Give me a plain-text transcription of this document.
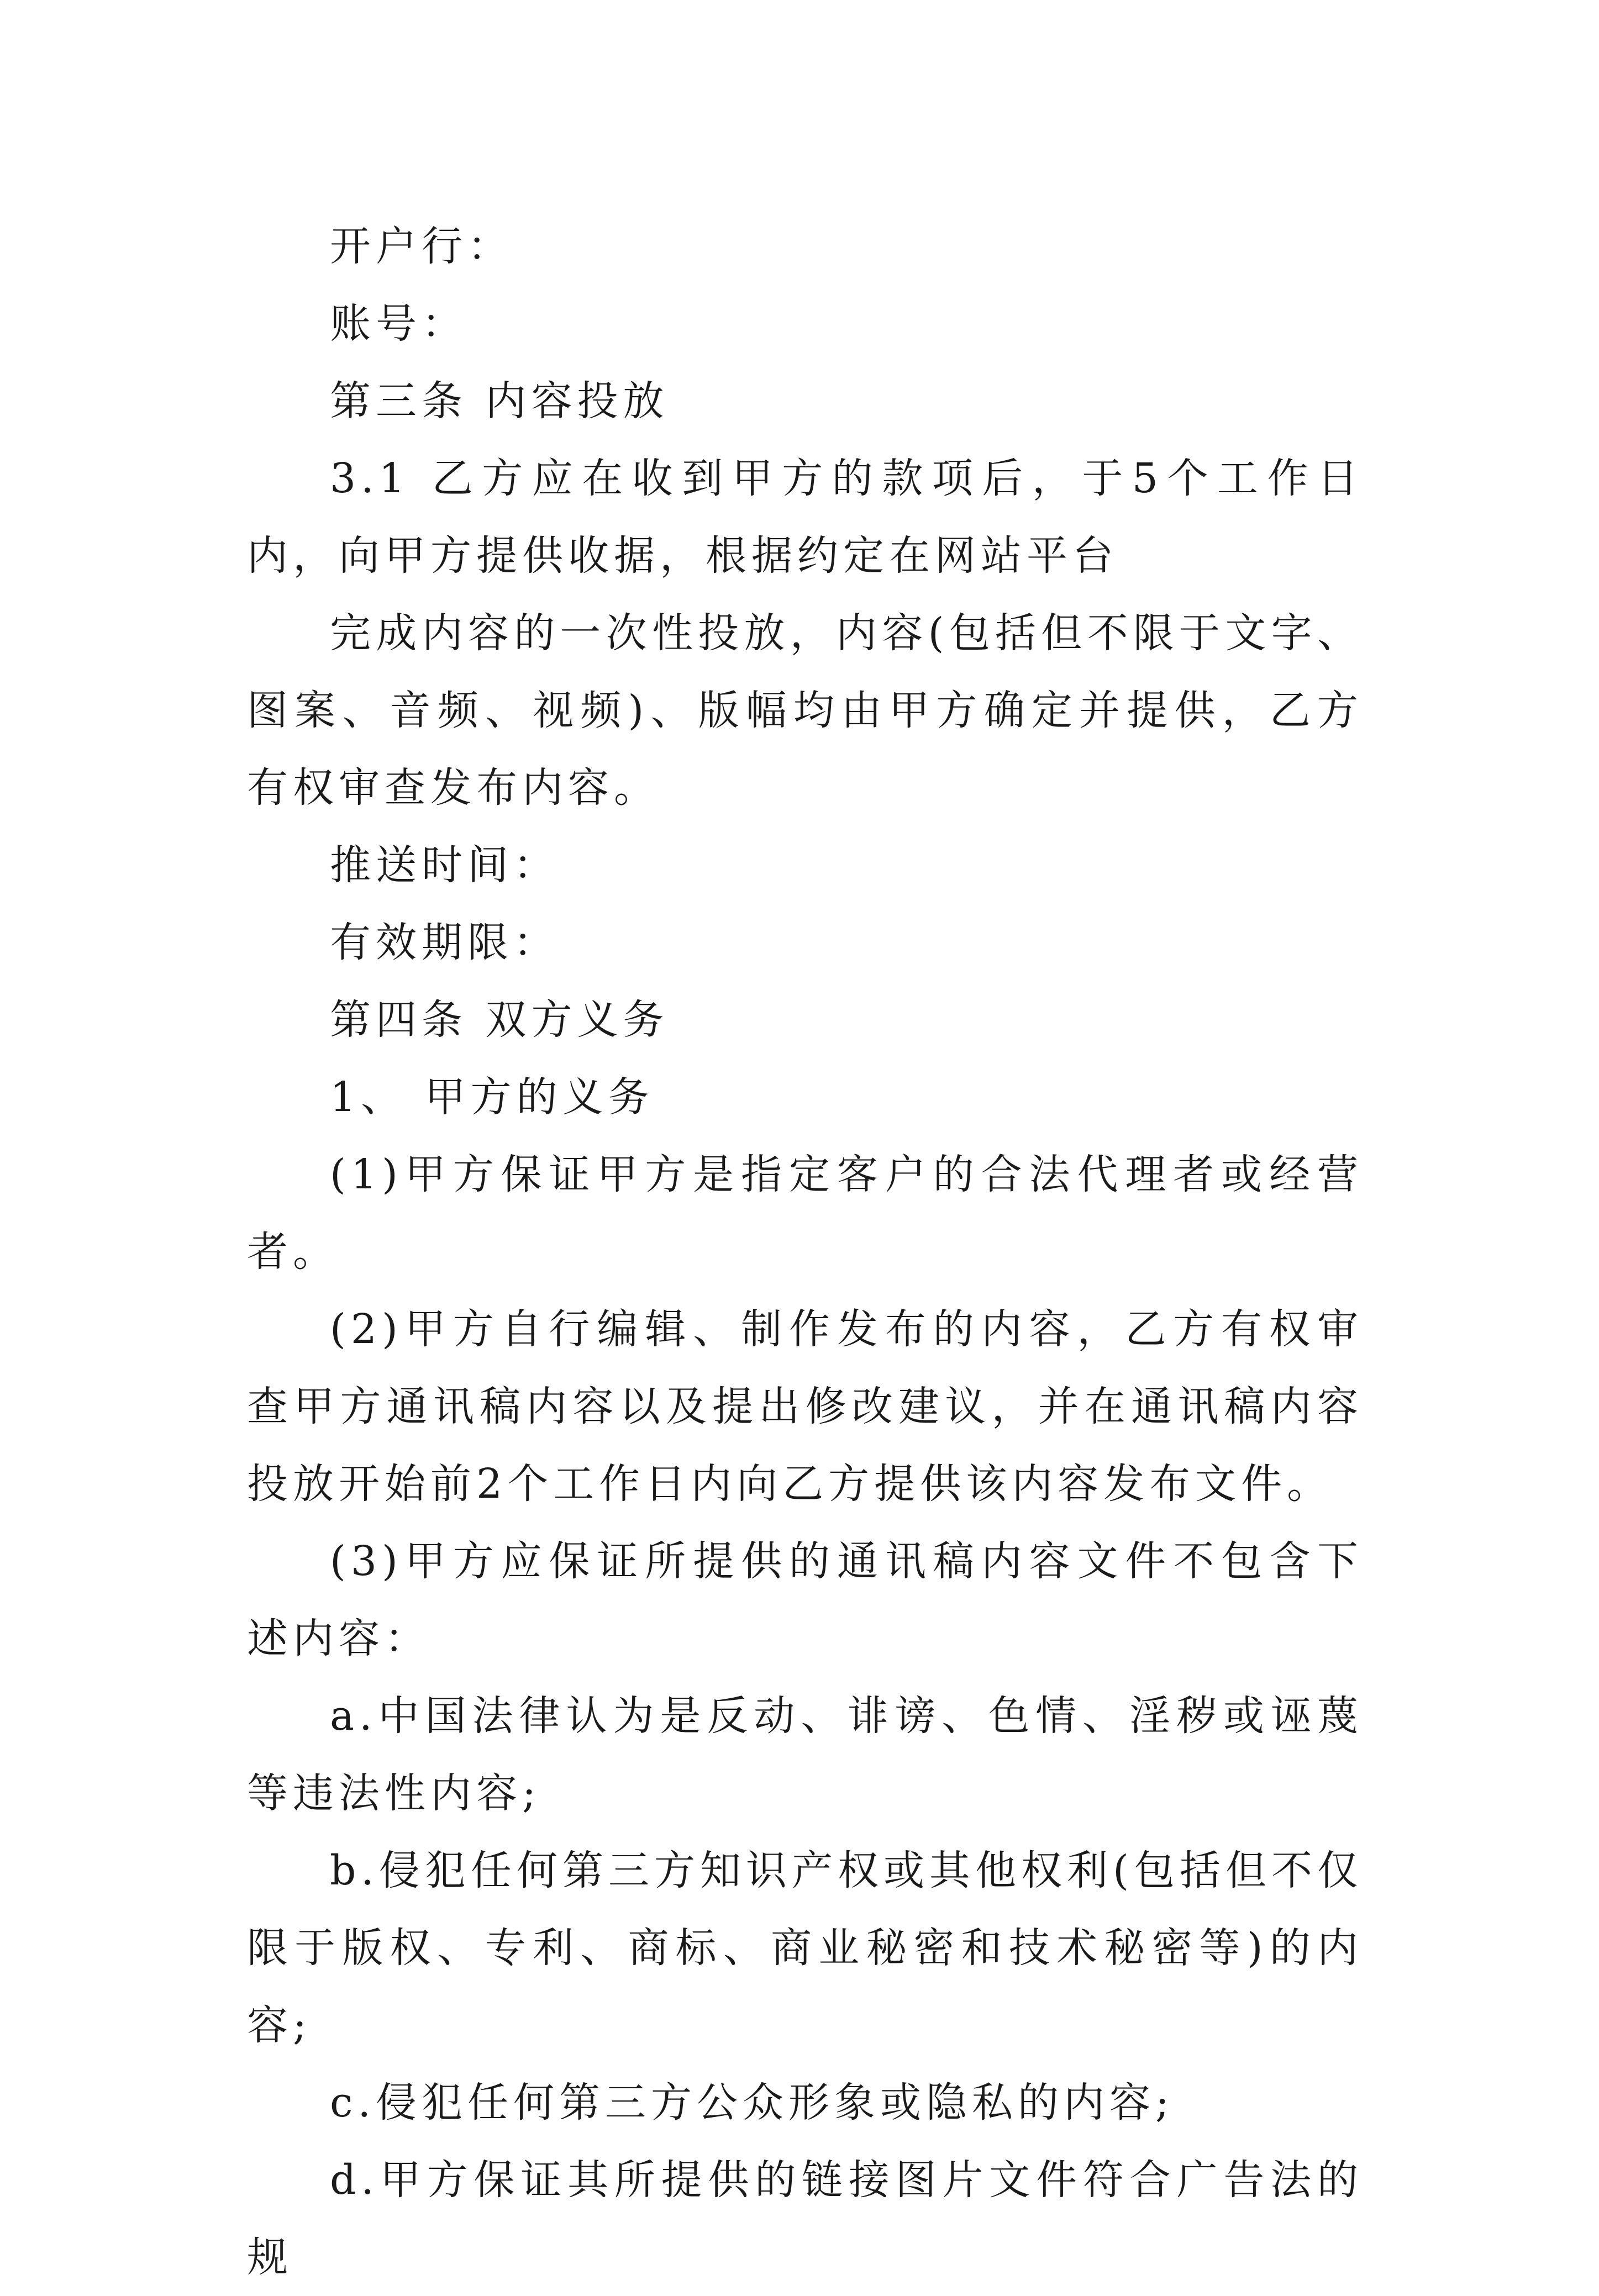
开户行：

账号：

第三条 内容投放

3.1 乙方应在收到甲方的款项后，于5个工作日内，向甲方提供收据，根据约定在网站平台

完成内容的一次性投放，内容(包括但不限于文字、图案、音频、视频)、版幅均由甲方确定并提供，乙方有权审查发布内容。

推送时间：

有效期限：

第四条 双方义务

1、 甲方的义务

(1)甲方保证甲方是指定客户的合法代理者或经营者。

(2)甲方自行编辑、制作发布的内容，乙方有权审查甲方通讯稿内容以及提出修改建议，并在通讯稿内容投放开始前2个工作日内向乙方提供该内容发布文件。

(3)甲方应保证所提供的通讯稿内容文件不包含下述内容：

a.中国法律认为是反动、诽谤、色情、淫秽或诬蔑等违法性内容;

b.侵犯任何第三方知识产权或其他权利(包括但不仅限于版权、专利、商标、商业秘密和技术秘密等)的内容;

c.侵犯任何第三方公众形象或隐私的内容;

d.甲方保证其所提供的链接图片文件符合广告法的规
